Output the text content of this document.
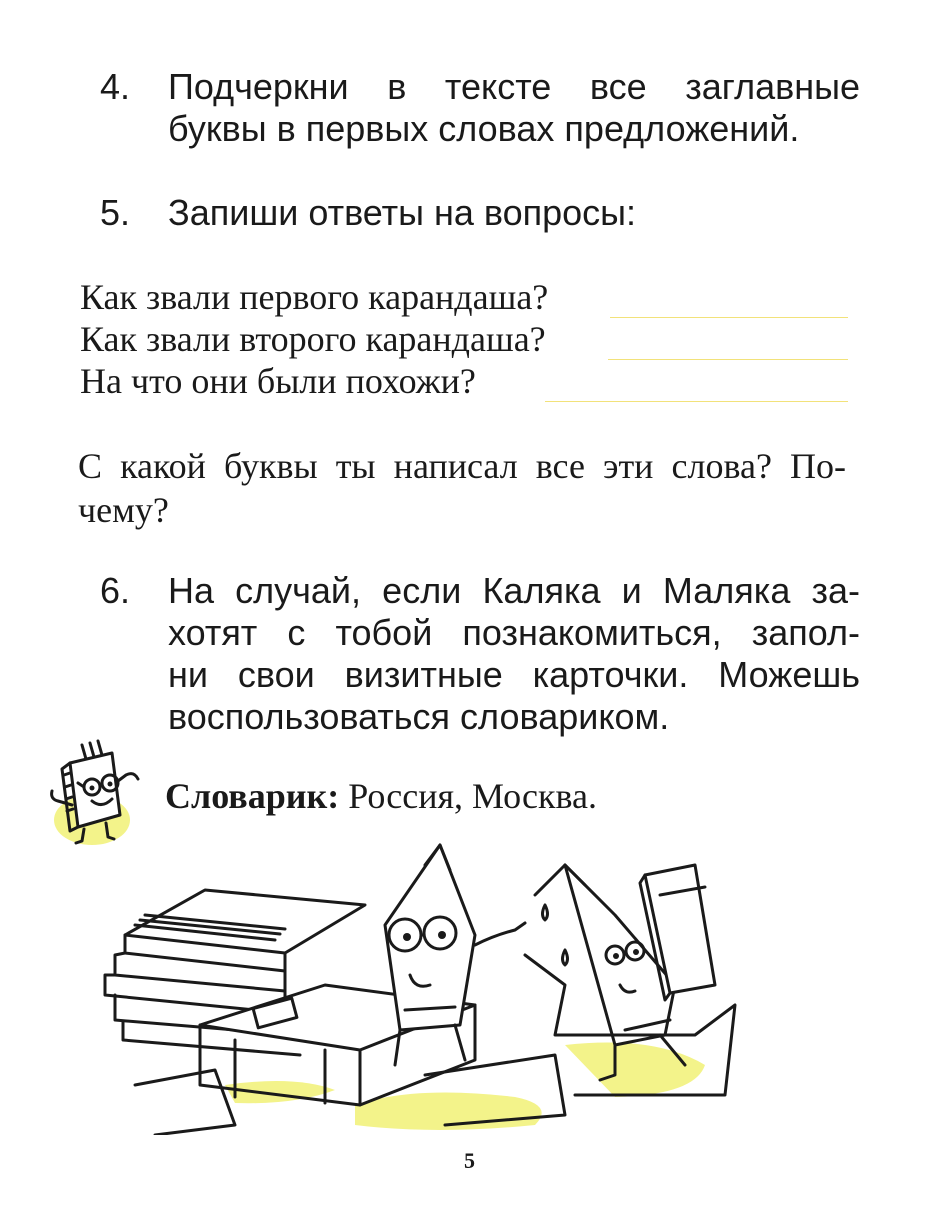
4.	Подчеркни в тексте все заглавные
буквы в первых словах предложений.
5.	Запиши ответы на вопросы:
Как звали первого карандаша?
Как звали второго карандаша?
На что они были похожи?
С какой буквы ты написал все эти слова? По-
чему?
6.	На случай, если Каляка и Маляка за-
хотят с тобой познакомиться, запол-
ни свои визитные карточки. Можешь
воспользоваться словариком.
Словарик: Россия, Москва.
5
